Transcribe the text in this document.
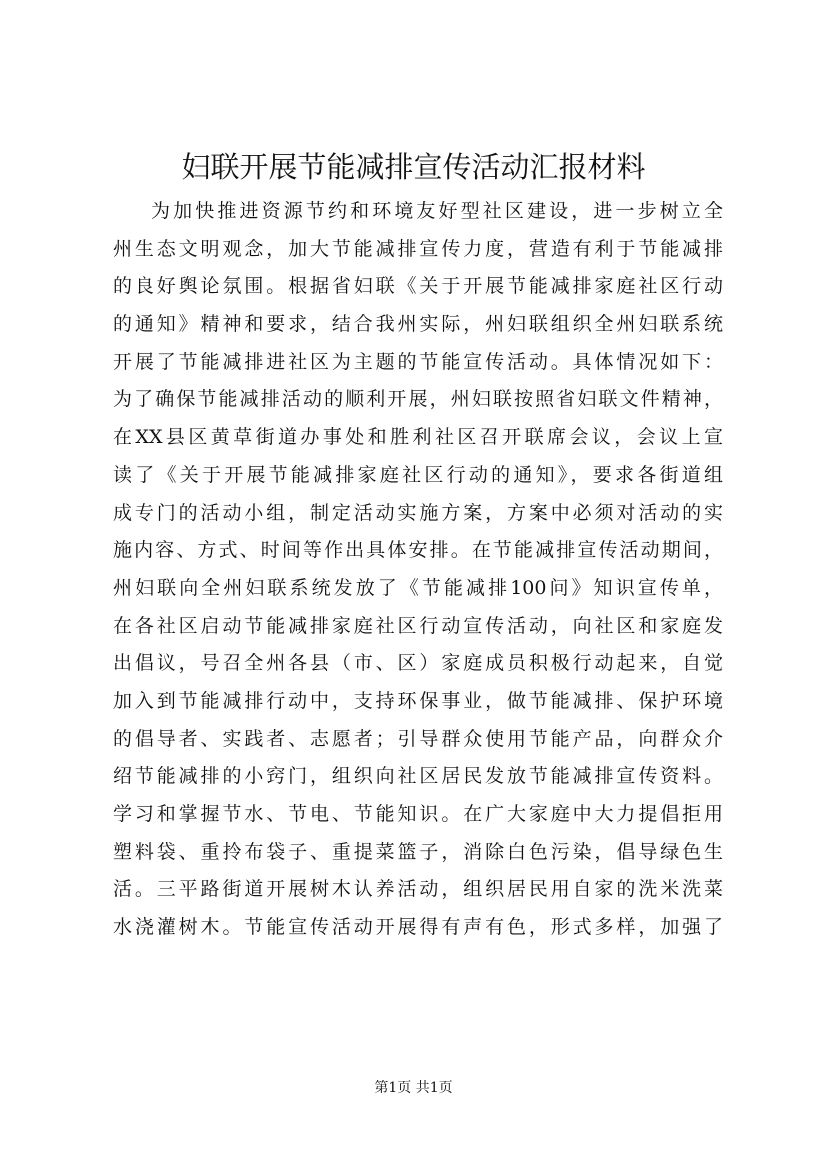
妇联开展节能减排宣传活动汇报材料
为加快推进资源节约和环境友好型社区建设，进一步树立全
州生态文明观念，加大节能减排宣传力度，营造有利于节能减排
的良好舆论氛围。根据省妇联《关于开展节能减排家庭社区行动
的通知》精神和要求，结合我州实际，州妇联组织全州妇联系统
开展了节能减排进社区为主题的节能宣传活动。具体情况如下：
为了确保节能减排活动的顺利开展，州妇联按照省妇联文件精神，
在XX县区黄草街道办事处和胜利社区召开联席会议，会议上宣
读了《关于开展节能减排家庭社区行动的通知》，要求各街道组
成专门的活动小组，制定活动实施方案，方案中必须对活动的实
施内容、方式、时间等作出具体安排。在节能减排宣传活动期间，
州妇联向全州妇联系统发放了《节能减排100问》知识宣传单，
在各社区启动节能减排家庭社区行动宣传活动，向社区和家庭发
出倡议，号召全州各县（市、区）家庭成员积极行动起来，自觉
加入到节能减排行动中，支持环保事业，做节能减排、保护环境
的倡导者、实践者、志愿者；引导群众使用节能产品，向群众介
绍节能减排的小窍门，组织向社区居民发放节能减排宣传资料。
学习和掌握节水、节电、节能知识。在广大家庭中大力提倡拒用
塑料袋、重拎布袋子、重提菜篮子，消除白色污染，倡导绿色生
活。三平路街道开展树木认养活动，组织居民用自家的洗米洗菜
水浇灌树木。节能宣传活动开展得有声有色，形式多样，加强了
第1页 共1页
